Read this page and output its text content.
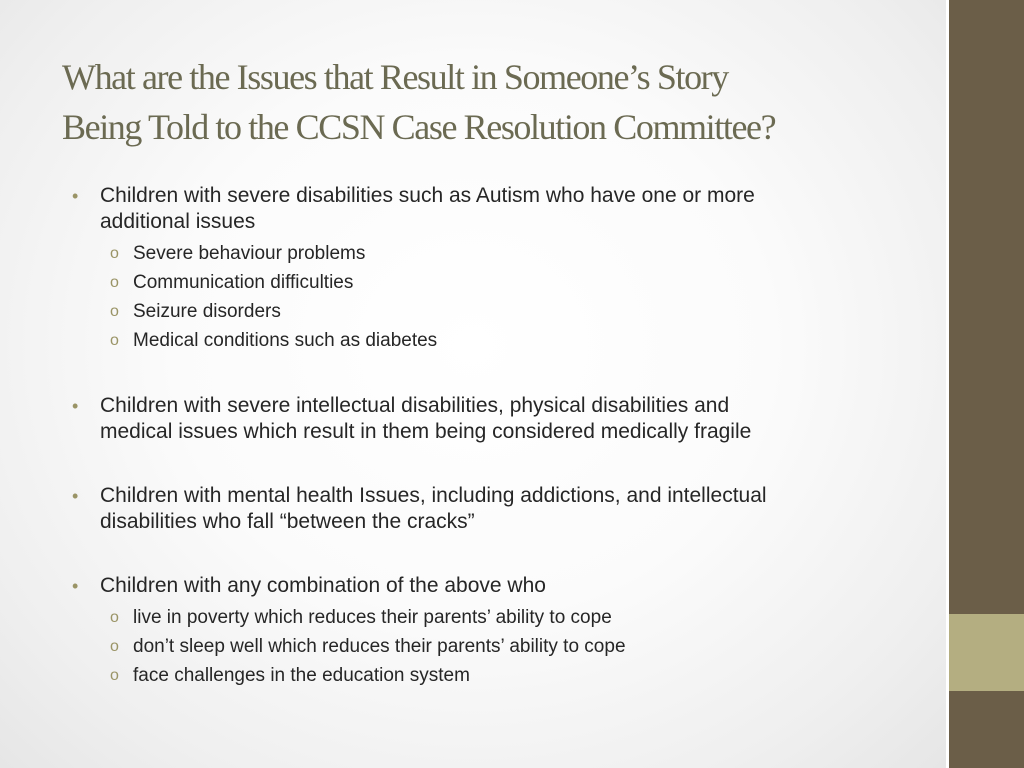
What are the Issues that Result in Someone’s Story
Being Told to the CCSN Case Resolution Committee?
• Children with severe disabilities such as Autism who have one or more
additional issues
o Severe behaviour problems
o Communication difficulties
o Seizure disorders
o Medical conditions such as diabetes
• Children with severe intellectual disabilities, physical disabilities and
medical issues which result in them being considered medically fragile
• Children with mental health Issues, including addictions, and intellectual
disabilities who fall “between the cracks”
• Children with any combination of the above who
o live in poverty which reduces their parents’ ability to cope
o don’t sleep well which reduces their parents’ ability to cope
o face challenges in the education system
